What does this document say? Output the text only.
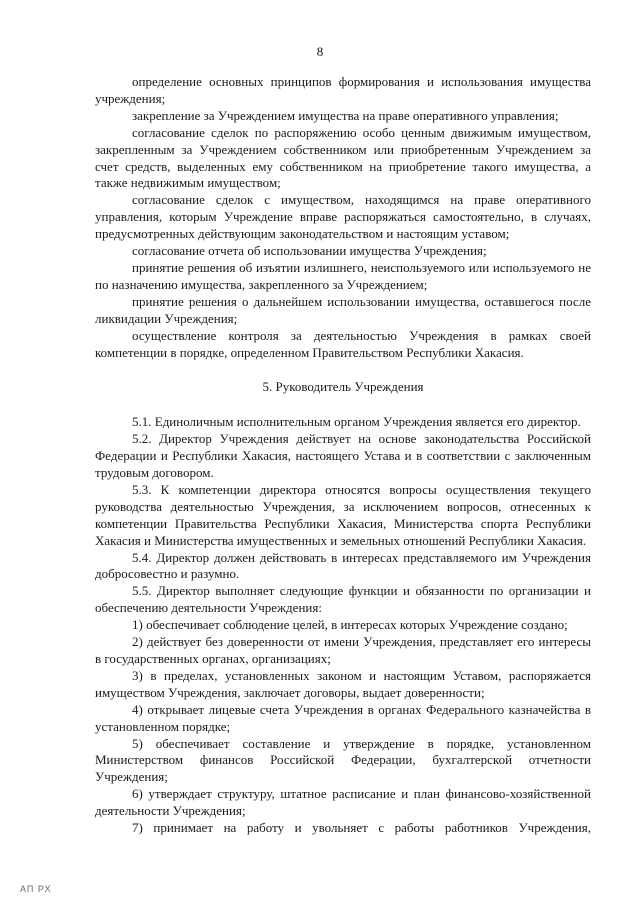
8

определение основных принципов формирования и использования имущества учреждения;

закрепление за Учреждением имущества на праве оперативного управления;

согласование сделок по распоряжению особо ценным движимым имуществом, закрепленным за Учреждением собственником или приобретенным Учреждением за счет средств, выделенных ему собственником на приобретение такого имущества, а также недвижимым имуществом;

согласование сделок с имуществом, находящимся на праве оперативного управления, которым Учреждение вправе распоряжаться самостоятельно, в случаях, предусмотренных действующим законодательством и настоящим уставом;

согласование отчета об использовании имущества Учреждения;

принятие решения об изъятии излишнего, неиспользуемого или используемого не по назначению имущества, закрепленного за Учреждением;

принятие решения о дальнейшем использовании имущества, оставшегося после ликвидации Учреждения;

осуществление контроля за деятельностью Учреждения в рамках своей компетенции в порядке, определенном Правительством Республики Хакасия.

5. Руководитель Учреждения

5.1. Единоличным исполнительным органом Учреждения является его директор.

5.2. Директор Учреждения действует на основе законодательства Российской Федерации и Республики Хакасия, настоящего Устава и в соответствии с заключенным трудовым договором.

5.3. К компетенции директора относятся вопросы осуществления текущего руководства деятельностью Учреждения, за исключением вопросов, отнесенных к компетенции Правительства Республики Хакасия, Министерства спорта Республики Хакасия и Министерства имущественных и земельных отношений Республики Хакасия.

5.4. Директор должен действовать в интересах представляемого им Учреждения добросовестно и разумно.

5.5. Директор выполняет следующие функции и обязанности по организации и обеспечению деятельности Учреждения:

1) обеспечивает соблюдение целей, в интересах которых Учреждение создано;

2) действует без доверенности от имени Учреждения, представляет его интересы в государственных органах, организациях;

3) в пределах, установленных законом и настоящим Уставом, распоряжается имуществом Учреждения, заключает договоры, выдает доверенности;

4) открывает лицевые счета Учреждения в органах Федерального казначейства в установленном порядке;

5) обеспечивает составление и утверждение в порядке, установленном Министерством финансов Российской Федерации, бухгалтерской отчетности Учреждения;

6) утверждает структуру, штатное расписание и план финансово-хозяйственной деятельности Учреждения;

7) принимает на работу и увольняет с работы работников Учреждения,

АП РХ
